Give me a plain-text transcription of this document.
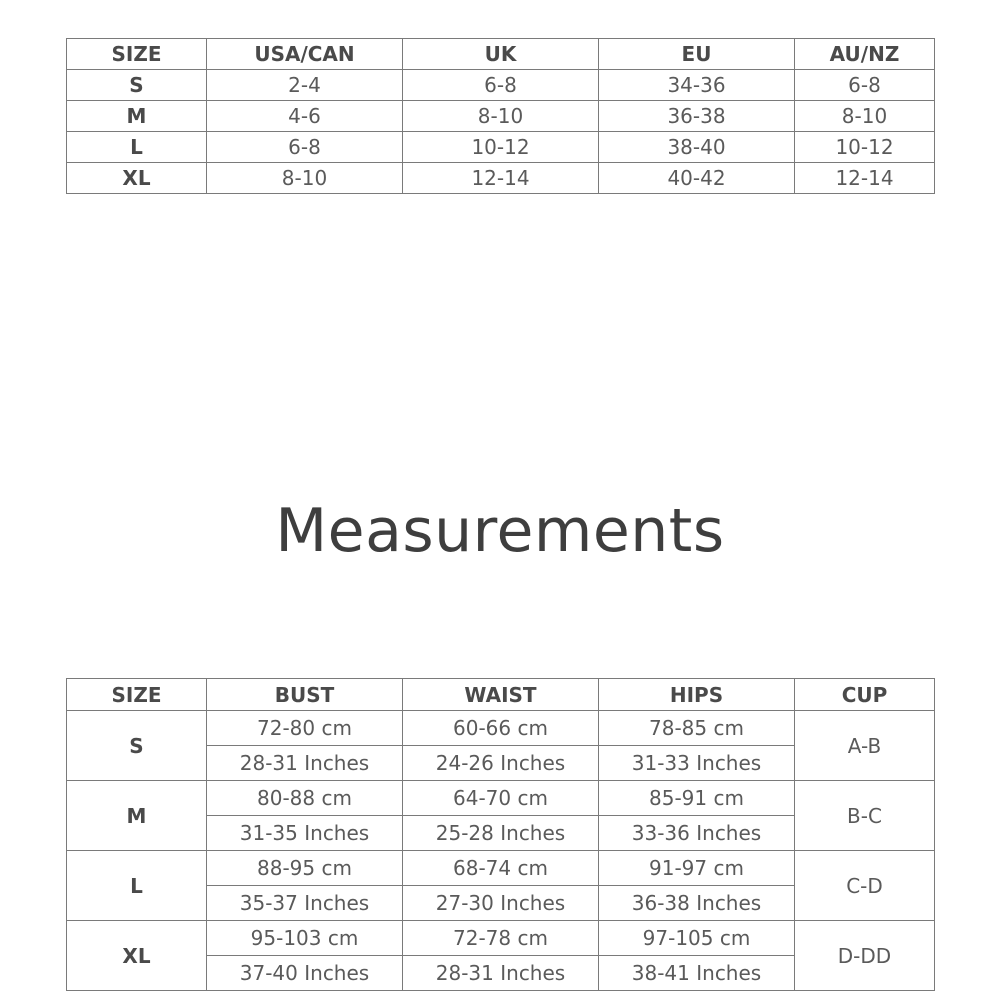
SIZE	USA/CAN	UK	EU	AU/NZ
S	2-4	6-8	34-36	6-8
M	4-6	8-10	36-38	8-10
L	6-8	10-12	38-40	10-12
XL	8-10	12-14	40-42	12-14
Measurements
SIZE	BUST	WAIST	HIPS	CUP
S	72-80 cm	60-66 cm	78-85 cm	A-B
	28-31 Inches	24-26 Inches	31-33 Inches	
M	80-88 cm	64-70 cm	85-91 cm	B-C
	31-35 Inches	25-28 Inches	33-36 Inches	
L	88-95 cm	68-74 cm	91-97 cm	C-D
	35-37 Inches	27-30 Inches	36-38 Inches	
XL	95-103 cm	72-78 cm	97-105 cm	D-DD
	37-40 Inches	28-31 Inches	38-41 Inches	
